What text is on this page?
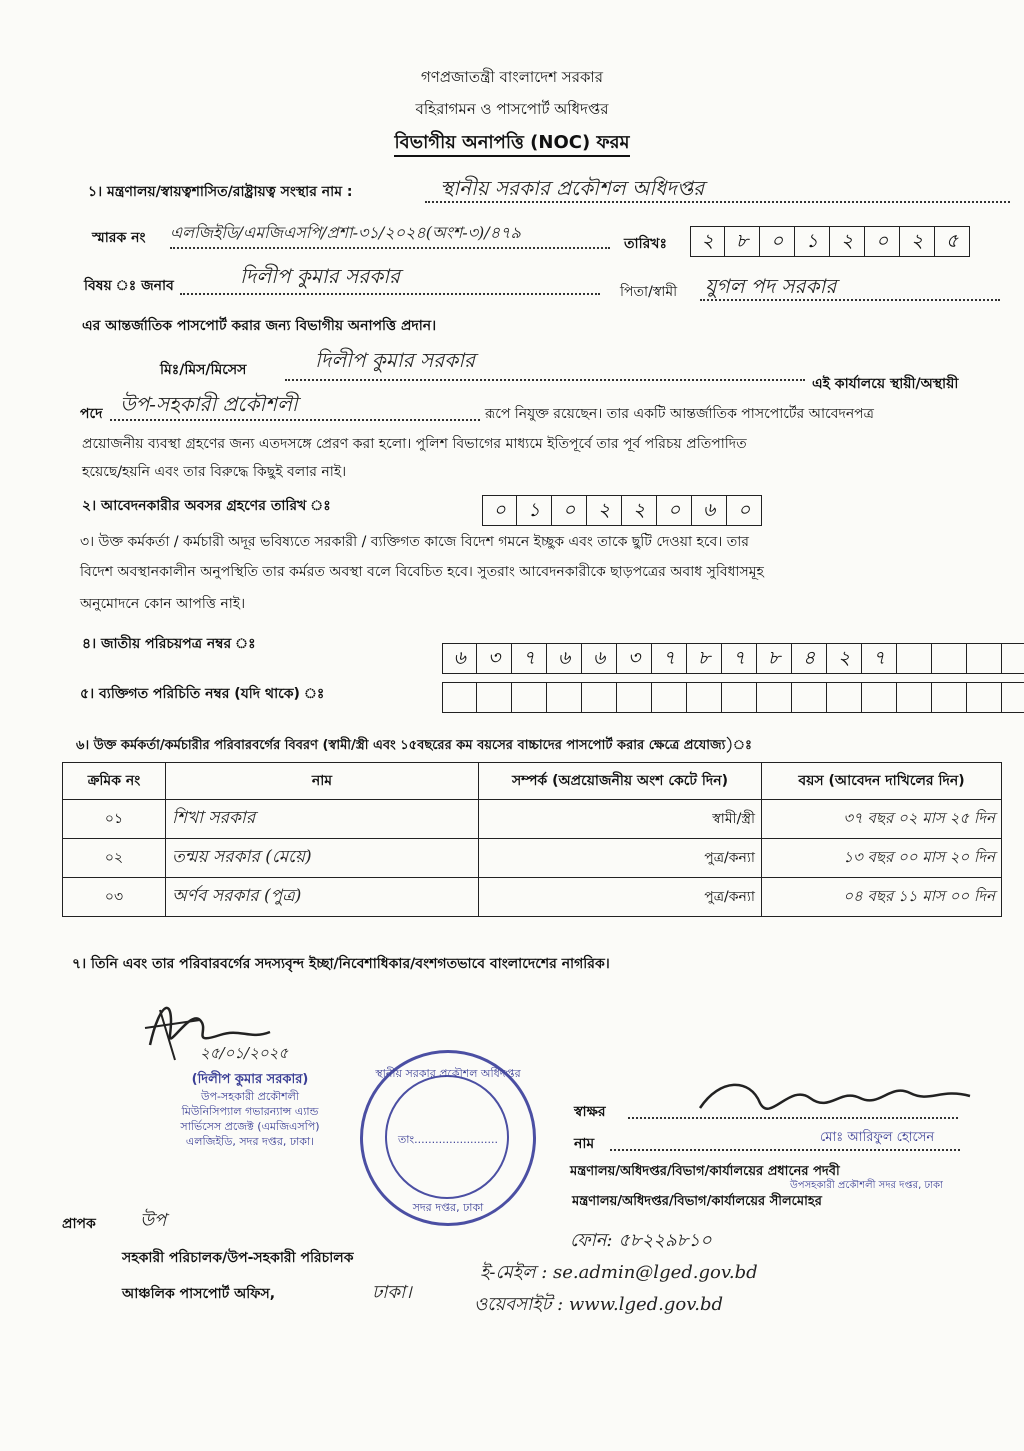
গণপ্রজাতন্ত্রী বাংলাদেশ সরকার
বহিরাগমন ও পাসপোর্ট অধিদপ্তর
বিভাগীয় অনাপত্তি (NOC) ফরম
১। মন্ত্রণালয়/স্বায়ত্বশাসিত/রাষ্ট্রায়ত্ব সংস্থার নাম :	স্থানীয় সরকার প্রকৌশল অধিদপ্তর
স্মারক নং এলজিইডি/এমজিএসপি/প্রশা-৩১/২০২৪(অংশ-৩)/৪৭৯
তারিখঃ	২	৮	০	১	২	০	২	৫
বিষয় ঃ জনাব	দিলীপ কুমার সরকার
পিতা/স্বামী যুগল পদ সরকার
এর আন্তর্জাতিক পাসপোর্ট করার জন্য বিভাগীয় অনাপত্তি প্রদান।
মিঃ/মিস/মিসেস	দিলীপ কুমার সরকার
এই কার্যালয়ে স্থায়ী/অস্থায়ী
পদে উপ-সহকারী প্রকৌশলী	রূপে নিযুক্ত রয়েছেন। তার একটি আন্তর্জাতিক পাসপোর্টের আবেদনপত্র
প্রয়োজনীয় ব্যবস্থা গ্রহণের জন্য এতদসঙ্গে প্রেরণ করা হলো। পুলিশ বিভাগের মাধ্যমে ইতিপূর্বে তার পূর্ব পরিচয় প্রতিপাদিত
হয়েছে/হয়নি এবং তার বিরুদ্ধে কিছুই বলার নাই।
২। আবেদনকারীর অবসর গ্রহণের তারিখ ঃ	০	১	০	২	২	০	৬	০
৩। উক্ত কর্মকর্তা / কর্মচারী অদূর ভবিষ্যতে সরকারী / ব্যক্তিগত কাজে বিদেশ গমনে ইচ্ছুক এবং তাকে ছুটি দেওয়া হবে। তার
বিদেশ অবস্থানকালীন অনুপস্থিতি তার কর্মরত অবস্থা বলে বিবেচিত হবে। সুতরাং আবেদনকারীকে ছাড়পত্রের অবাধ সুবিধাসমূহ
অনুমোদনে কোন আপত্তি নাই।
৪। জাতীয় পরিচয়পত্র নম্বর ঃ
৬	৩	৭	৬	৬	৩	৭	৮	৭	৮	৪	২	৭
৫। ব্যক্তিগত পরিচিতি নম্বর (যদি থাকে) ঃ
৬। উক্ত কর্মকর্তা/কর্মচারীর পরিবারবর্গের বিবরণ (স্বামী/স্ত্রী এবং ১৫বছরের কম বয়সের বাচ্চাদের পাসপোর্ট করার ক্ষেত্রে প্রযোজ্য)ঃ
ক্রমিক নং	নাম	সম্পর্ক (অপ্রয়োজনীয় অংশ কেটে দিন)	বয়স (আবেদন দাখিলের দিন)
০১	শিখা সরকার	স্বামী/স্ত্রী	৩৭ বছর ০২ মাস ২৫ দিন
০২	তন্ময় সরকার (মেয়ে)	পুত্র/কন্যা	১৩ বছর ০০ মাস ২০ দিন
০৩	অর্ণব সরকার (পুত্র)	পুত্র/কন্যা	০৪ বছর ১১ মাস ০০ দিন
৭। তিনি এবং তার পরিবারবর্গের সদস্যবৃন্দ ইচ্ছা/নিবেশাধিকার/বংশগতভাবে বাংলাদেশের নাগরিক।
২৫/০১/২০২৫
(দিলীপ কুমার সরকার)
উপ-সহকারী প্রকৌশলী
মিউনিসিপ্যাল গভারন্যান্স এ্যান্ড
সার্ভিসেস প্রজেক্ট (এমজিএসপি)
এলজিইডি, সদর দপ্তর, ঢাকা।
স্থানীয় সরকার প্রকৌশল অধিদপ্তর
তাং........................
সদর দপ্তর, ঢাকা
স্বাক্ষর
নাম	মোঃ আরিফুল হোসেন
মন্ত্রণালয়/অধিদপ্তর/বিভাগ/কার্যালয়ের প্রধানের পদবী
মন্ত্রণালয়/অধিদপ্তর/বিভাগ/কার্যালয়ের সীলমোহর
উপসহকারী প্রকৌশলী সদর দপ্তর, ঢাকা
ফোন: ৫৮২২৯৮১০
ই-মেইল : se.admin@lged.gov.bd
ওয়েবসাইট : www.lged.gov.bd
প্রাপক উপ
সহকারী পরিচালক/উপ-সহকারী পরিচালক
আঞ্চলিক পাসপোর্ট অফিস,	ঢাকা।
